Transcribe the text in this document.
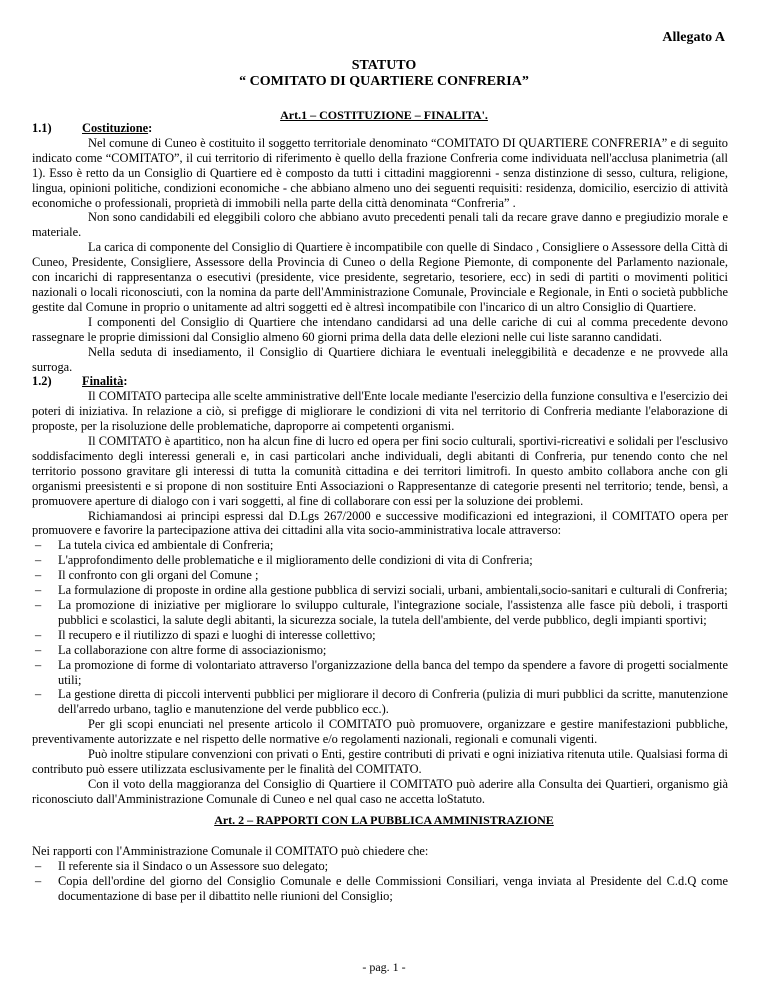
Allegato A
STATUTO
“ COMITATO DI QUARTIERE CONFRERIA”
Art.1 – COSTITUZIONE – FINALITA'.
1.1) Costituzione:

Nel comune di Cuneo è costituito il soggetto territoriale denominato “COMITATO DI QUARTIERE CONFRERIA” e di seguito indicato come “COMITATO”, il cui territorio di riferimento è quello della frazione Confreria come individuata nell'acclusa planimetria (all 1). Esso è retto da un Consiglio di Quartiere ed è composto da tutti i cittadini maggiorenni - senza distinzione di sesso, cultura, religione, lingua, opinioni politiche, condizioni economiche - che abbiano almeno uno dei seguenti requisiti: residenza, domicilio, esercizio di attività economiche o professionali, proprietà di immobili nella parte della città denominata “Confreria” .

Non sono candidabili ed eleggibili coloro che abbiano avuto precedenti penali tali da recare grave danno e pregiudizio morale e materiale.

La carica di componente del Consiglio di Quartiere è incompatibile con quelle di Sindaco , Consigliere o Assessore della Città di Cuneo, Presidente, Consigliere, Assessore della Provincia di Cuneo o della Regione Piemonte, di componente del Parlamento nazionale, con incarichi di rappresentanza o esecutivi (presidente, vice presidente, segretario, tesoriere, ecc) in sedi di partiti o movimenti politici nazionali o locali riconosciuti, con la nomina da parte dell'Amministrazione Comunale, Provinciale e Regionale, in Enti o società pubbliche gestite dal Comune in proprio o unitamente ad altri soggetti ed è altresì incompatibile con l'incarico di un altro Consiglio di Quartiere.

I componenti del Consiglio di Quartiere che intendano candidarsi ad una delle cariche di cui al comma precedente devono rassegnare le proprie dimissioni dal Consiglio almeno 60 giorni prima della data delle elezioni nelle cui liste saranno candidati.

Nella seduta di insediamento, il Consiglio di Quartiere dichiara le eventuali ineleggibilità e decadenze e ne provvede alla surroga.

1.2) Finalità:

Il COMITATO partecipa alle scelte amministrative dell'Ente locale mediante l'esercizio della funzione consultiva e l'esercizio dei poteri di iniziativa. In relazione a ciò, si prefigge di migliorare le condizioni di vita nel territorio di Confreria mediante l'elaborazione di proposte, per la risoluzione delle problematiche, daproporre ai competenti organismi.

Il COMITATO è apartitico, non ha alcun fine di lucro ed opera per fini socio culturali, sportivi-ricreativi e solidali per l'esclusivo soddisfacimento degli interessi generali e, in casi particolari anche individuali, degli abitanti di Confreria, pur tenendo conto che nel territorio possono gravitare gli interessi di tutta la comunità cittadina e dei territori limitrofi. In questo ambito collabora anche con gli organismi preesistenti e si propone di non sostituire Enti Associazioni o Rappresentanze di categorie presenti nel territorio; tende, bensì, a promuovere aperture di dialogo con i vari soggetti, al fine di collaborare con essi per la soluzione dei problemi.

Richiamandosi ai principi espressi dal D.Lgs 267/2000 e successive modificazioni ed integrazioni, il COMITATO opera per promuovere e favorire la partecipazione attiva dei cittadini alla vita socio-amministrativa locale attraverso:

– La tutela civica ed ambientale di Confreria;
– L'approfondimento delle problematiche e il miglioramento delle condizioni di vita di Confreria;
– Il confronto con gli organi del Comune ;
– La formulazione di proposte in ordine alla gestione pubblica di servizi sociali, urbani, ambientali,socio-sanitari e culturali di Confreria;
– La promozione di iniziative per migliorare lo sviluppo culturale, l'integrazione sociale, l'assistenza alle fasce più deboli, i trasporti pubblici e scolastici, la salute degli abitanti, la sicurezza sociale, la tutela dell'ambiente, del verde pubblico, degli impianti sportivi;
– Il recupero e il riutilizzo di spazi e luoghi di interesse collettivo;
– La collaborazione con altre forme di associazionismo;
– La promozione di forme di volontariato attraverso l'organizzazione della banca del tempo da spendere a favore di progetti socialmente utili;
– La gestione diretta di piccoli interventi pubblici per migliorare il decoro di Confreria (pulizia di muri pubblici da scritte, manutenzione dell'arredo urbano, taglio e manutenzione del verde pubblico ecc.).

Per gli scopi enunciati nel presente articolo il COMITATO può promuovere, organizzare e gestire manifestazioni pubbliche, preventivamente autorizzate e nel rispetto delle normative e/o regolamenti nazionali, regionali e comunali vigenti.

Può inoltre stipulare convenzioni con privati o Enti, gestire contributi di privati e ogni iniziativa ritenuta utile. Qualsiasi forma di contributo può essere utilizzata esclusivamente per le finalità del COMITATO.

Con il voto della maggioranza del Consiglio di Quartiere il COMITATO può aderire alla Consulta dei Quartieri, organismo già riconosciuto dall'Amministrazione Comunale di Cuneo e nel qual caso ne accetta loStatuto.

Art. 2 – RAPPORTI CON LA PUBBLICA AMMINISTRAZIONE

Nei rapporti con l'Amministrazione Comunale il COMITATO può chiedere che:

– Il referente sia il Sindaco o un Assessore suo delegato;
– Copia dell'ordine del giorno del Consiglio Comunale e delle Commissioni Consiliari, venga inviata al Presidente del C.d.Q come documentazione di base per il dibattito nelle riunioni del Consiglio;
- pag. 1 -
